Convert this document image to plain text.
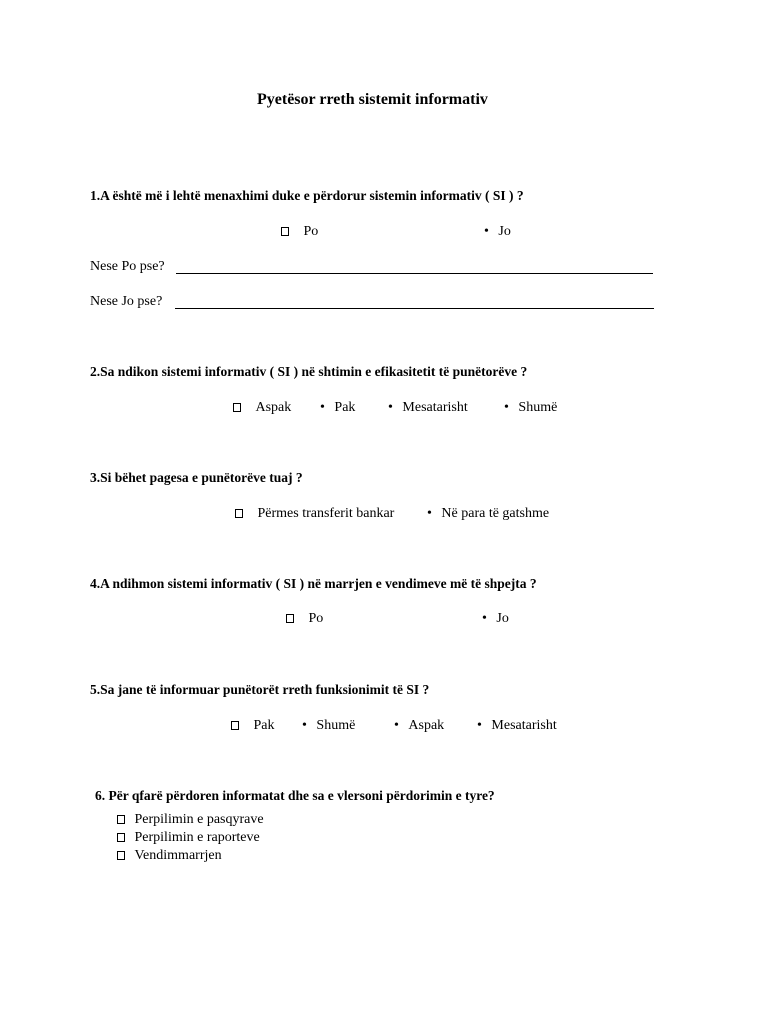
Pyetësor rreth sistemit informativ
1.A është më i lehtë menaxhimi duke e përdorur sistemin informativ ( SI ) ?
Po	• Jo
Nese Po pse?
Nese Jo pse?
2.Sa ndikon sistemi informativ ( SI ) në shtimin e efikasitetit të punëtorëve ?
Aspak • Pak • Mesatarisht	• Shumë
3.Si bëhet pagesa e punëtorëve tuaj ?
Përmes transferit bankar • Në para të gatshme
4.A ndihmon sistemi informativ ( SI ) në marrjen e vendimeve më të shpejta ?
Po	• Jo
5.Sa jane të informuar punëtorët rreth funksionimit të SI ?
Pak • Shumë	• Aspak • Mesatarisht
6. Për qfarë përdoren informatat dhe sa e vlersoni përdorimin e tyre?
Perpilimin e pasqyrave
Perpilimin e raporteve
Vendimmarrjen
